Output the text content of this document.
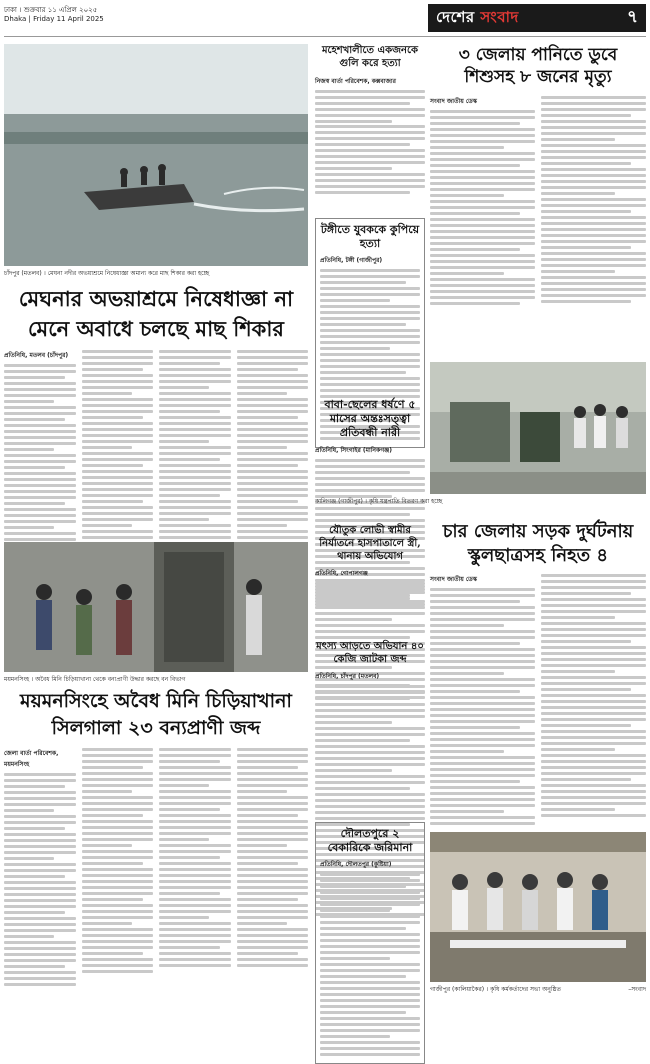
ঢাকা । শুক্রবার ১১ এপ্রিল ২০২৫
Dhaka | Friday 11 April 2025	দেশের সংবাদ	৭
চাঁদপুর (মতলব) । মেঘনা নদীর অভয়াশ্রমে নিষেধাজ্ঞা অমান্য করে মাছ শিকার করা হচ্ছে
মহেশখালীতে একজনকে গুলি করে হত্যা
নিজস্ব বার্তা পরিবেশক, কক্সবাজার
৩ জেলায় পানিতে ডুবে
শিশুসহ ৮ জনের মৃত্যু
সংবাদ জাতীয় ডেস্ক
টঙ্গীতে যুবককে কুপিয়ে হত্যা
প্রতিনিধি, টঙ্গী (গাজীপুর)
মেঘনার অভয়াশ্রমে নিষেধাজ্ঞা না
মেনে অবাধে চলছে মাছ শিকার
প্রতিনিধি, মতলব (চাঁদপুর)
বাবা-ছেলের ধর্ষণে ৫ মাসের অন্তঃসত্ত্বা প্রতিবন্ধী নারী
প্রতিনিধি, সিংগাইর (মানিকগঞ্জ)
কালিগঞ্জ (গাজীপুর) । কৃষি যন্ত্রপাতি বিতরণ করা হচ্ছে
চার জেলায় সড়ক দুর্ঘটনায়
স্কুলছাত্রসহ নিহত ৪
সংবাদ জাতীয় ডেস্ক
যৌতুক লোভী স্বামীর নির্যাতনে হাসপাতালে স্ত্রী, থানায় অভিযোগ
প্রতিনিধি, গোপালগঞ্জ
ময়মনসিংহ । অবৈধ মিনি চিড়িয়াখানা থেকে বন্যপ্রাণী উদ্ধার করছে বন বিভাগ
মৎস্য আড়তে অভিযান ৪০ কেজি জাটকা জব্দ
প্রতিনিধি, চাঁদপুর (মতলব)
ময়মনসিংহে অবৈধ মিনি চিড়িয়াখানা
সিলগালা ২৩ বন্যপ্রাণী জব্দ
জেলা বার্তা পরিবেশক, ময়মনসিংহ
দৌলতপুরে ২ বেকারিকে জরিমানা
প্রতিনিধি, দৌলতপুর (কুষ্টিয়া)
গাজীপুর (কালিয়াকৈর) । কৃষি কর্মকর্তাদের সভা অনুষ্ঠিত	–সংবাদ
